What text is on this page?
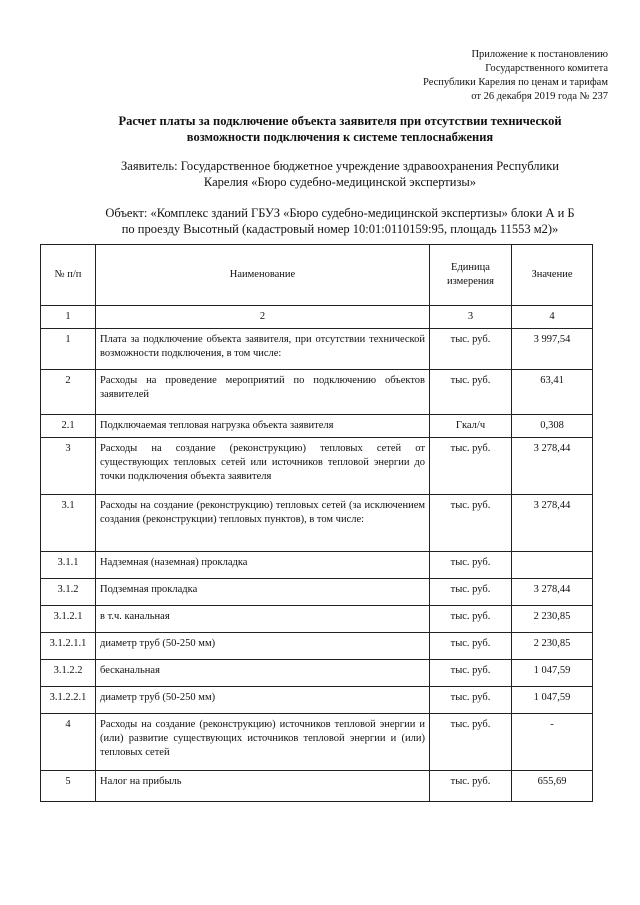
Приложение к постановлению
Государственного комитета
Республики Карелия по ценам и тарифам
от 26 декабря 2019 года № 237
Расчет платы за подключение объекта заявителя при отсутствии технической
возможности подключения к системе теплоснабжения
Заявитель: Государственное бюджетное учреждение здравоохранения Республики
Карелия «Бюро судебно-медицинской экспертизы»
Объект: «Комплекс зданий ГБУЗ «Бюро судебно-медицинской экспертизы» блоки А и Б
по проезду Высотный (кадастровый номер 10:01:0110159:95, площадь 11553 м2)»
№ п/п	Наименование	Единица измерения	Значение
1	2	3	4
1	Плата за подключение объекта заявителя, при отсутствии технической возможности подключения, в том числе:	тыс. руб.	3 997,54
2	Расходы на проведение мероприятий по подключению объектов заявителей	тыс. руб.	63,41
2.1	Подключаемая тепловая нагрузка объекта заявителя	Гкал/ч	0,308
3	Расходы на создание (реконструкцию) тепловых сетей от существующих тепловых сетей или источников тепловой энергии до точки подключения объекта заявителя	тыс. руб.	3 278,44
3.1	Расходы на создание (реконструкцию) тепловых сетей (за исключением создания (реконструкции) тепловых пунктов), в том числе:	тыс. руб.	3 278,44
3.1.1	Надземная (наземная) прокладка	тыс. руб.	
3.1.2	Подземная прокладка	тыс. руб.	3 278,44
3.1.2.1	в т.ч. канальная	тыс. руб.	2 230,85
3.1.2.1.1	диаметр труб (50-250 мм)	тыс. руб.	2 230,85
3.1.2.2	бесканальная	тыс. руб.	1 047,59
3.1.2.2.1	диаметр труб (50-250 мм)	тыс. руб.	1 047,59
4	Расходы на создание (реконструкцию) источников тепловой энергии и (или) развитие существующих источников тепловой энергии и (или) тепловых сетей	тыс. руб.	-
5	Налог на прибыль	тыс. руб.	655,69
